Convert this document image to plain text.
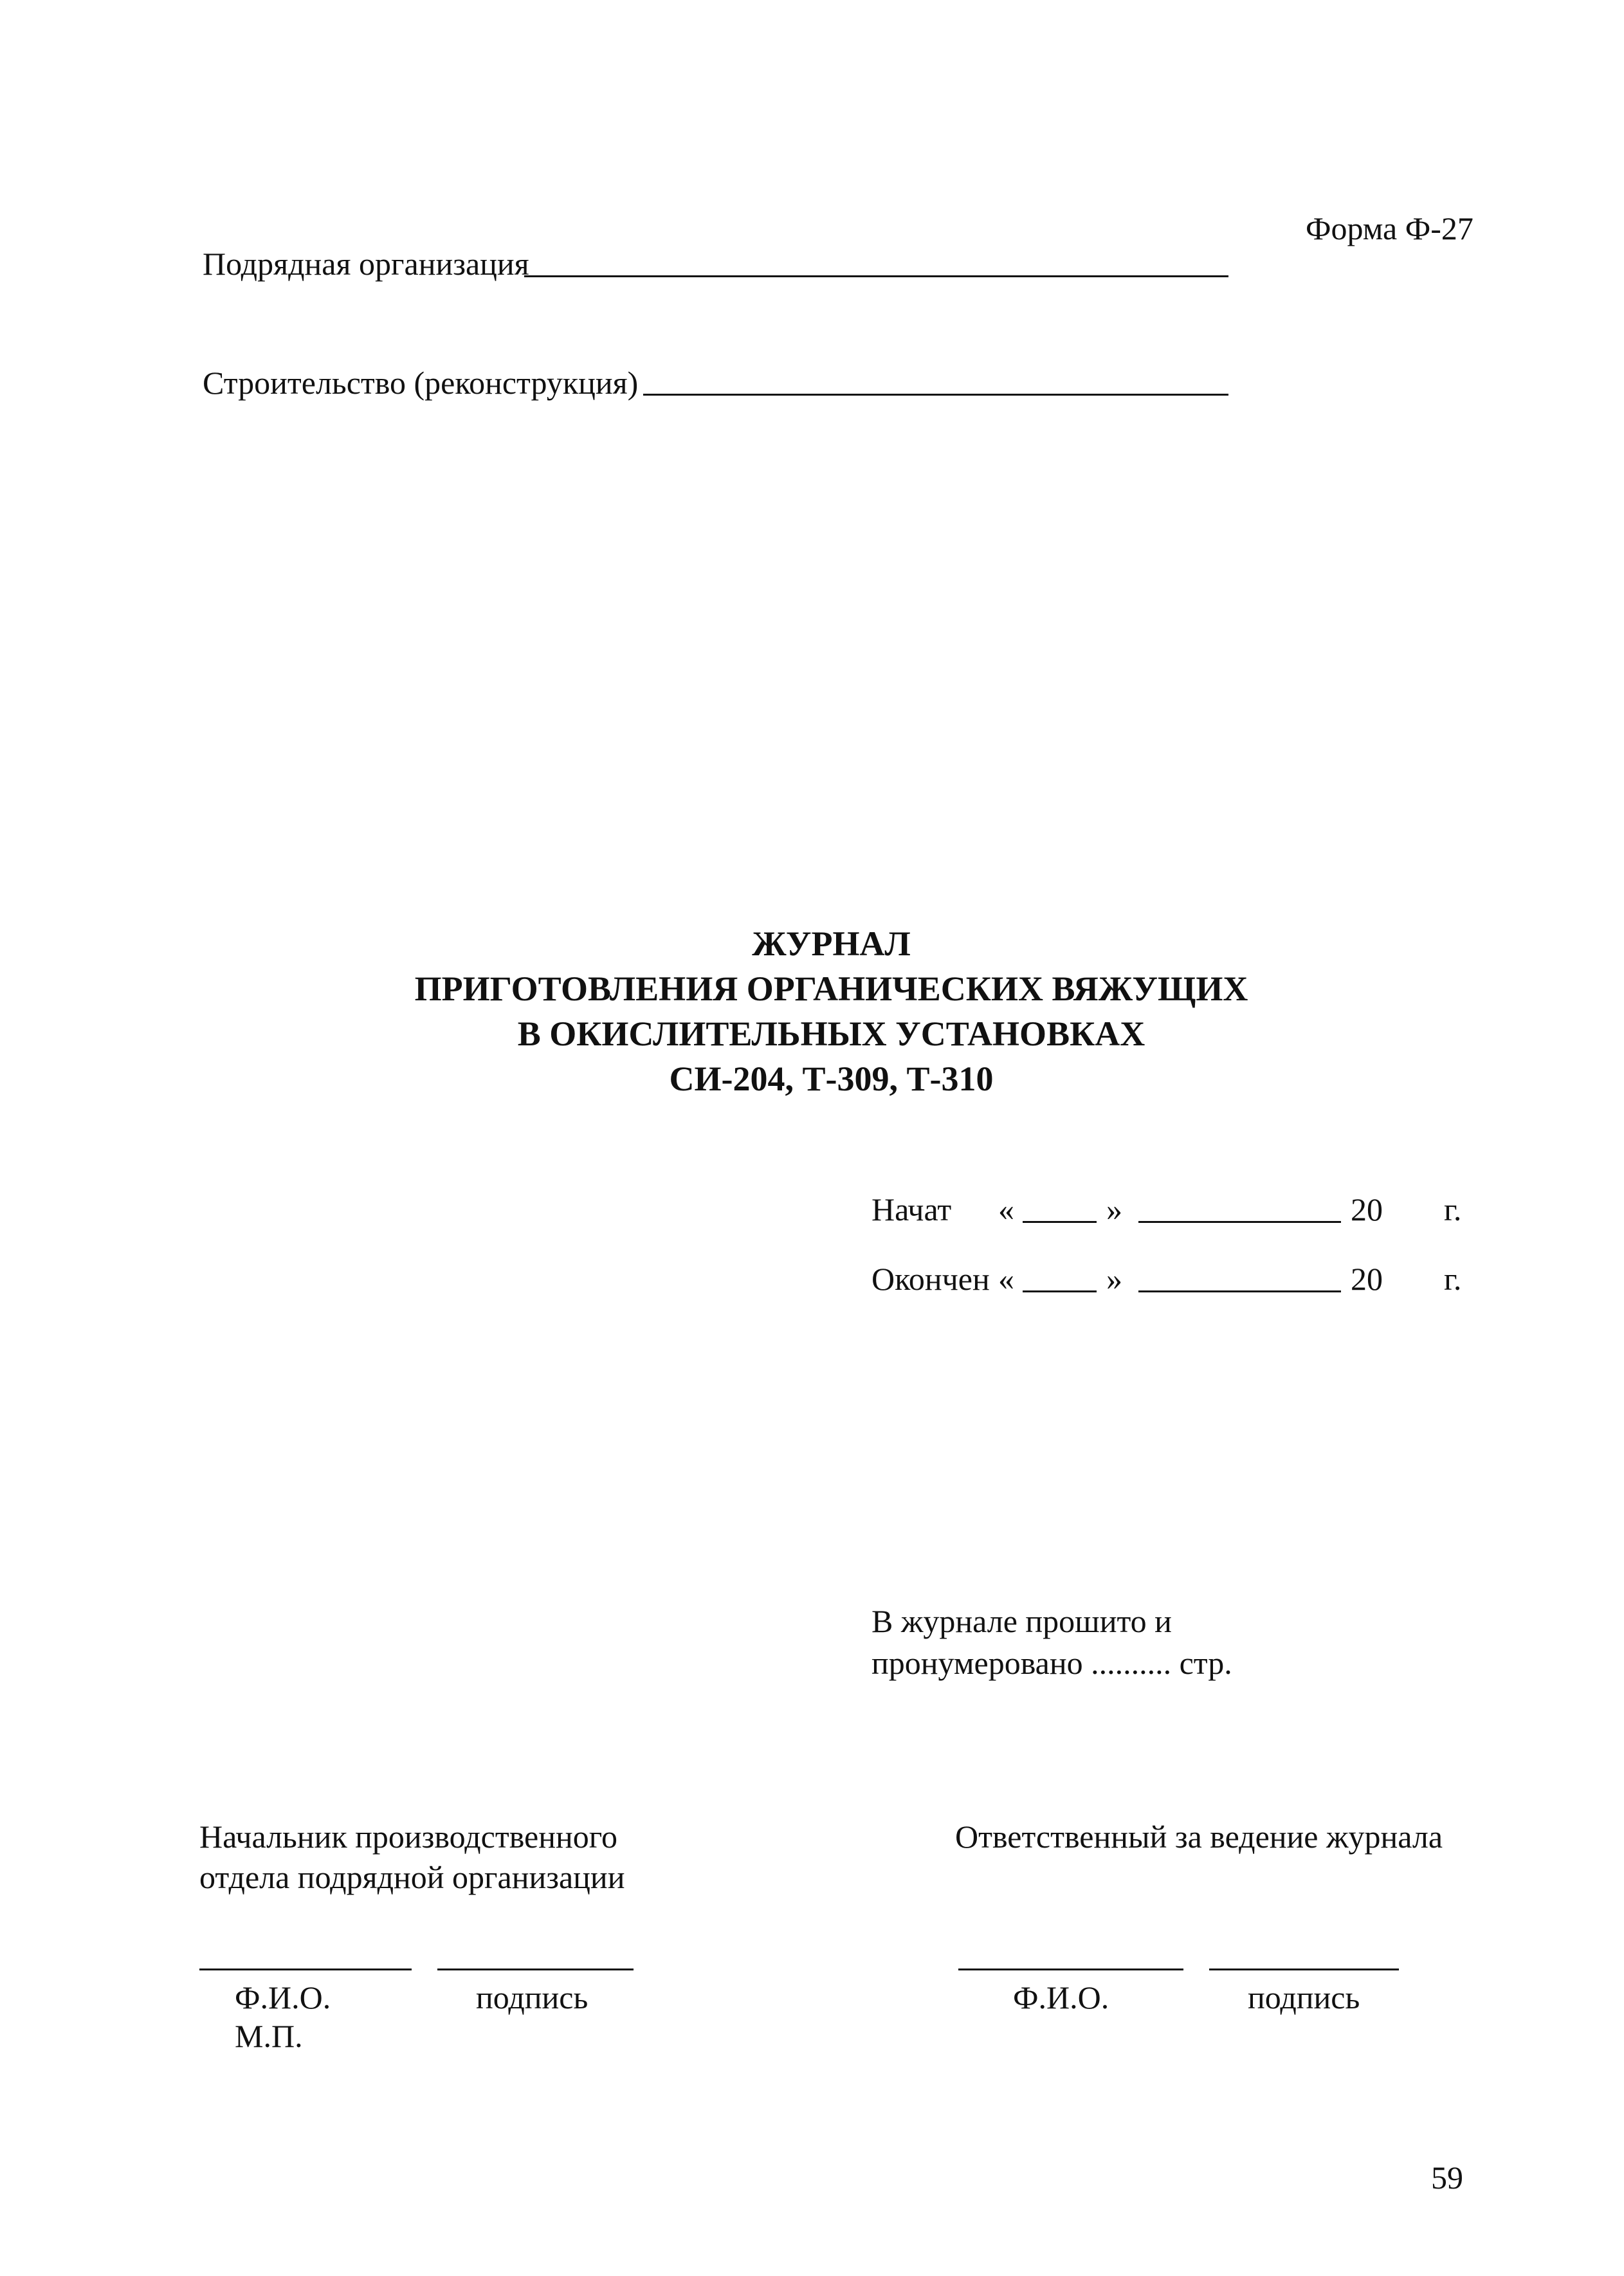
Форма Ф-27
Подрядная организация
Строительство (реконструкция)
ЖУРНАЛ
ПРИГОТОВЛЕНИЯ ОРГАНИЧЕСКИХ ВЯЖУЩИХ
В ОКИСЛИТЕЛЬНЫХ УСТАНОВКАХ
СИ-204, Т-309, Т-310
Начат «	»	20 г.
Окончен «	»	20 г.
В журнале прошито и
пронумеровано .......... стр.
Начальник производственного
отдела подрядной организации
Ф.И.О.	подпись
М.П.
Ответственный за ведение журнала
Ф.И.О.	подпись
59
